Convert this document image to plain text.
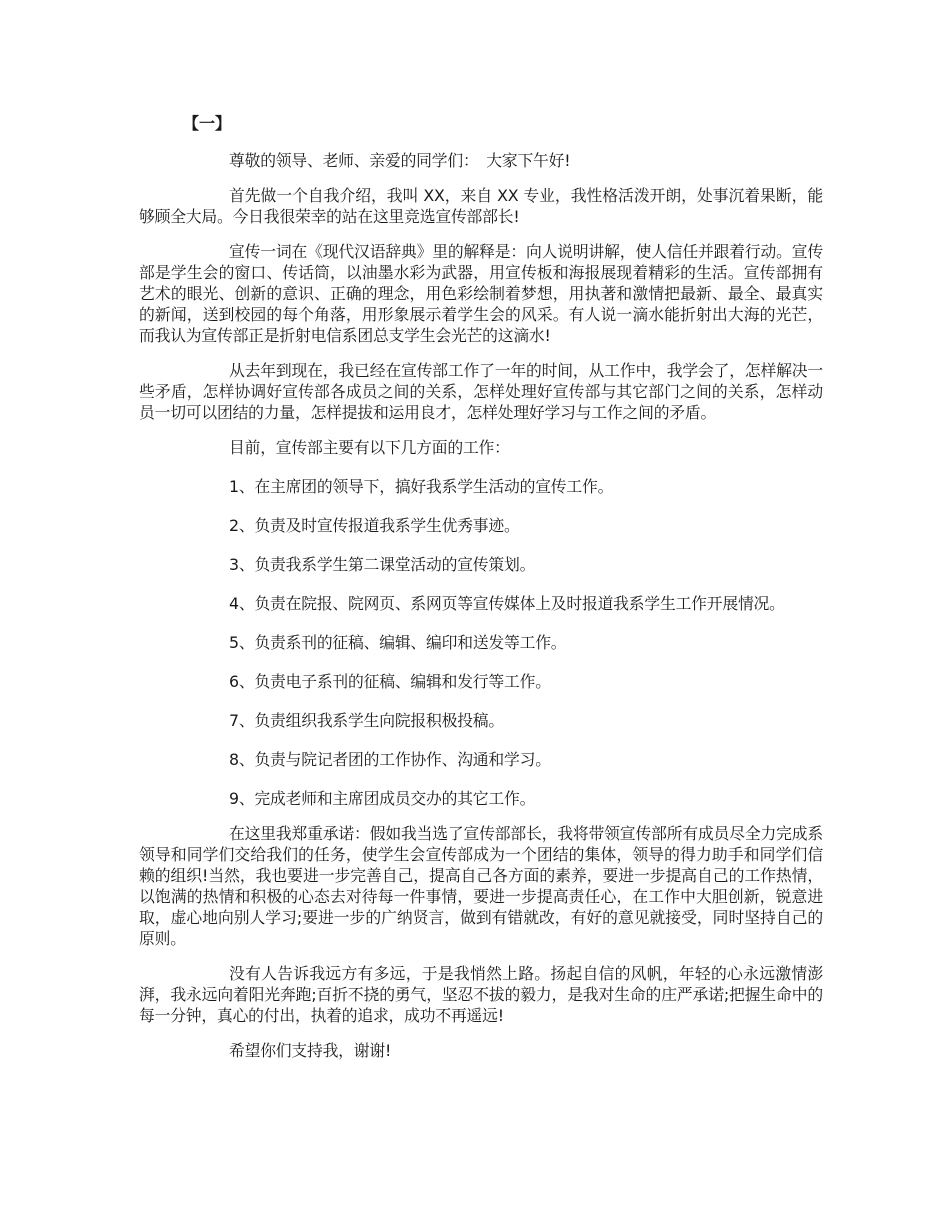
【一】

尊敬的领导、老师、亲爱的同学们：　大家下午好!

首先做一个自我介绍，我叫 XX，来自 XX 专业，我性格活泼开朗，处事沉着果断，能够顾全大局。今日我很荣幸的站在这里竞选宣传部部长!

宣传一词在《现代汉语辞典》里的解释是：向人说明讲解，使人信任并跟着行动。宣传部是学生会的窗口、传话筒，以油墨水彩为武器，用宣传板和海报展现着精彩的生活。宣传部拥有艺术的眼光、创新的意识、正确的理念，用色彩绘制着梦想，用执著和激情把最新、最全、最真实的新闻，送到校园的每个角落，用形象展示着学生会的风采。有人说一滴水能折射出大海的光芒，而我认为宣传部正是折射电信系团总支学生会光芒的这滴水!

从去年到现在，我已经在宣传部工作了一年的时间，从工作中，我学会了，怎样解决一些矛盾，怎样协调好宣传部各成员之间的关系，怎样处理好宣传部与其它部门之间的关系，怎样动员一切可以团结的力量，怎样提拔和运用良才，怎样处理好学习与工作之间的矛盾。

目前，宣传部主要有以下几方面的工作：

1、在主席团的领导下，搞好我系学生活动的宣传工作。

2、负责及时宣传报道我系学生优秀事迹。

3、负责我系学生第二课堂活动的宣传策划。

4、负责在院报、院网页、系网页等宣传媒体上及时报道我系学生工作开展情况。

5、负责系刊的征稿、编辑、编印和送发等工作。

6、负责电子系刊的征稿、编辑和发行等工作。

7、负责组织我系学生向院报积极投稿。

8、负责与院记者团的工作协作、沟通和学习。

9、完成老师和主席团成员交办的其它工作。

在这里我郑重承诺：假如我当选了宣传部部长，我将带领宣传部所有成员尽全力完成系领导和同学们交给我们的任务，使学生会宣传部成为一个团结的集体，领导的得力助手和同学们信赖的组织!当然，我也要进一步完善自己，提高自己各方面的素养，要进一步提高自己的工作热情，以饱满的热情和积极的心态去对待每一件事情，要进一步提高责任心，在工作中大胆创新，锐意进取，虚心地向别人学习;要进一步的广纳贤言，做到有错就改，有好的意见就接受，同时坚持自己的原则。

没有人告诉我远方有多远，于是我悄然上路。扬起自信的风帆，年轻的心永远激情澎湃，我永远向着阳光奔跑;百折不挠的勇气，坚忍不拔的毅力，是我对生命的庄严承诺;把握生命中的每一分钟，真心的付出，执着的追求，成功不再遥远!

希望你们支持我，谢谢!
